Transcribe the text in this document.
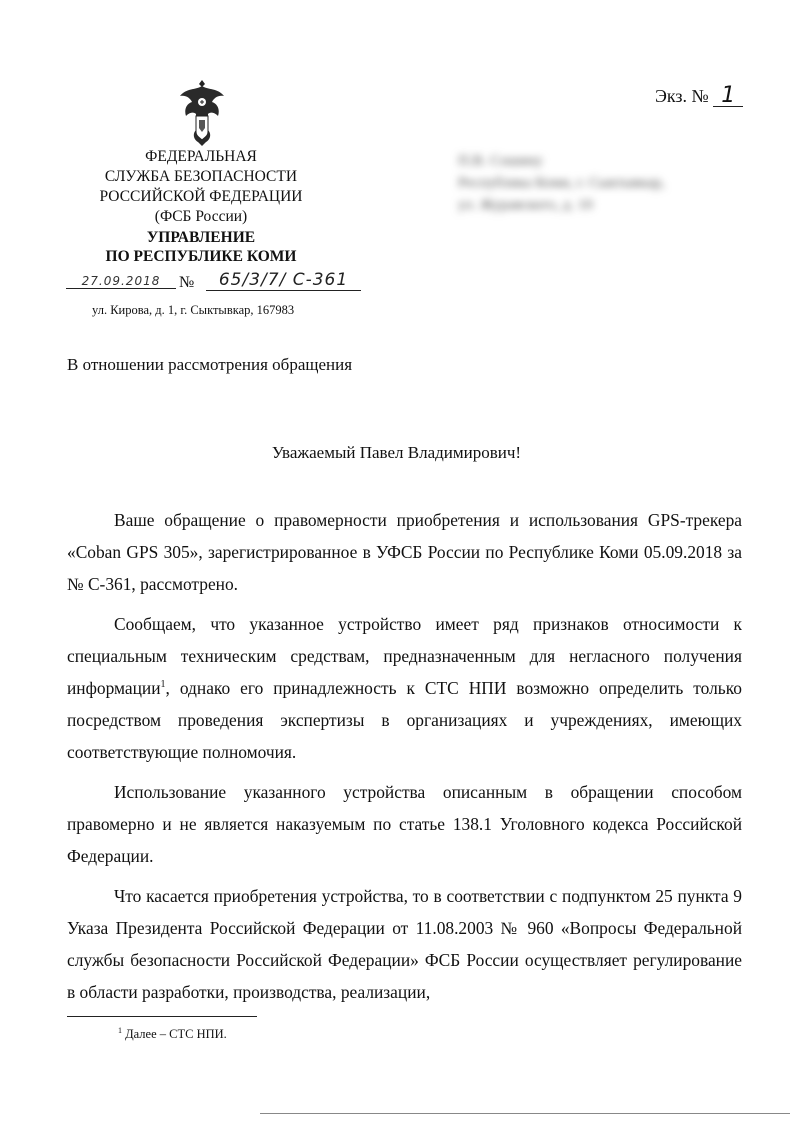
ФЕДЕРАЛЬНАЯ
СЛУЖБА БЕЗОПАСНОСТИ
РОССИЙСКОЙ ФЕДЕРАЦИИ
(ФСБ России)
УПРАВЛЕНИЕ
ПО РЕСПУБЛИКЕ КОМИ
27.09.2018	№	65/3/7/ С-361
ул. Кирова, д. 1, г. Сыктывкар, 167983
Экз. № 1
П.В. Сошину
Республика Коми, г. Сыктывкар,
ул. Журавского, д. 10
В отношении рассмотрения обращения
Уважаемый Павел Владимирович!

Ваше обращение о правомерности приобретения и использования GPS-трекера «Coban GPS 305», зарегистрированное в УФСБ России по Республике Коми 05.09.2018 за № С-361, рассмотрено.

Сообщаем, что указанное устройство имеет ряд признаков относимости к специальным техническим средствам, предназначенным для негласного получения информации$^1$, однако его принадлежность к СТС НПИ возможно определить только посредством проведения экспертизы в организациях и учреждениях, имеющих соответствующие полномочия.

Использование указанного устройства описанным в обращении способом правомерно и не является наказуемым по статье 138.1 Уголовного кодекса Российской Федерации.

Что касается приобретения устройства, то в соответствии с подпунктом 25 пункта 9 Указа Президента Российской Федерации от 11.08.2003 № 960 «Вопросы Федеральной службы безопасности Российской Федерации» ФСБ России осуществляет регулирование в области разработки, производства, реализации,

$^1$ Далее – СТС НПИ.
